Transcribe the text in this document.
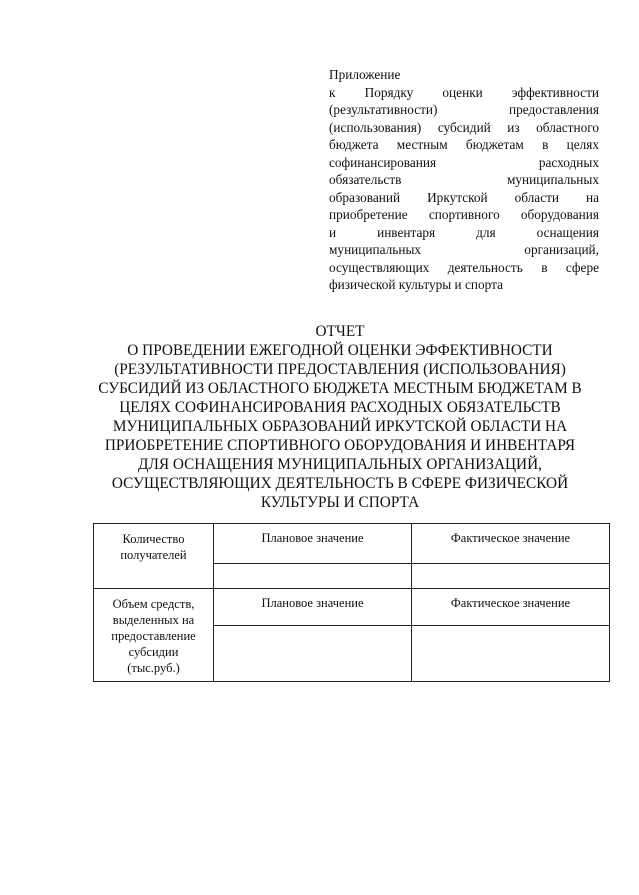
Приложение
к Порядку оценки эффективности
(результативности) предоставления
(использования) субсидий из областного
бюджета местным бюджетам в целях
софинансирования расходных
обязательств муниципальных
образований Иркутской области на
приобретение спортивного оборудования
и инвентаря для оснащения
муниципальных организаций,
осуществляющих деятельность в сфере
физической культуры и спорта
ОТЧЕТ
О ПРОВЕДЕНИИ ЕЖЕГОДНОЙ ОЦЕНКИ ЭФФЕКТИВНОСТИ
(РЕЗУЛЬТАТИВНОСТИ ПРЕДОСТАВЛЕНИЯ (ИСПОЛЬЗОВАНИЯ)
СУБСИДИЙ ИЗ ОБЛАСТНОГО БЮДЖЕТА МЕСТНЫМ БЮДЖЕТАМ В
ЦЕЛЯХ СОФИНАНСИРОВАНИЯ РАСХОДНЫХ ОБЯЗАТЕЛЬСТВ
МУНИЦИПАЛЬНЫХ ОБРАЗОВАНИЙ ИРКУТСКОЙ ОБЛАСТИ НА
ПРИОБРЕТЕНИЕ СПОРТИВНОГО ОБОРУДОВАНИЯ И ИНВЕНТАРЯ
ДЛЯ ОСНАЩЕНИЯ МУНИЦИПАЛЬНЫХ ОРГАНИЗАЦИЙ,
ОСУЩЕСТВЛЯЮЩИХ ДЕЯТЕЛЬНОСТЬ В СФЕРЕ ФИЗИЧЕСКОЙ
КУЛЬТУРЫ И СПОРТА
Количество
получателей	Плановое значение	Фактическое значение

Объем средств,
выделенных на
предоставление
субсидии
(тыс.руб.)	Плановое значение	Фактическое значение
